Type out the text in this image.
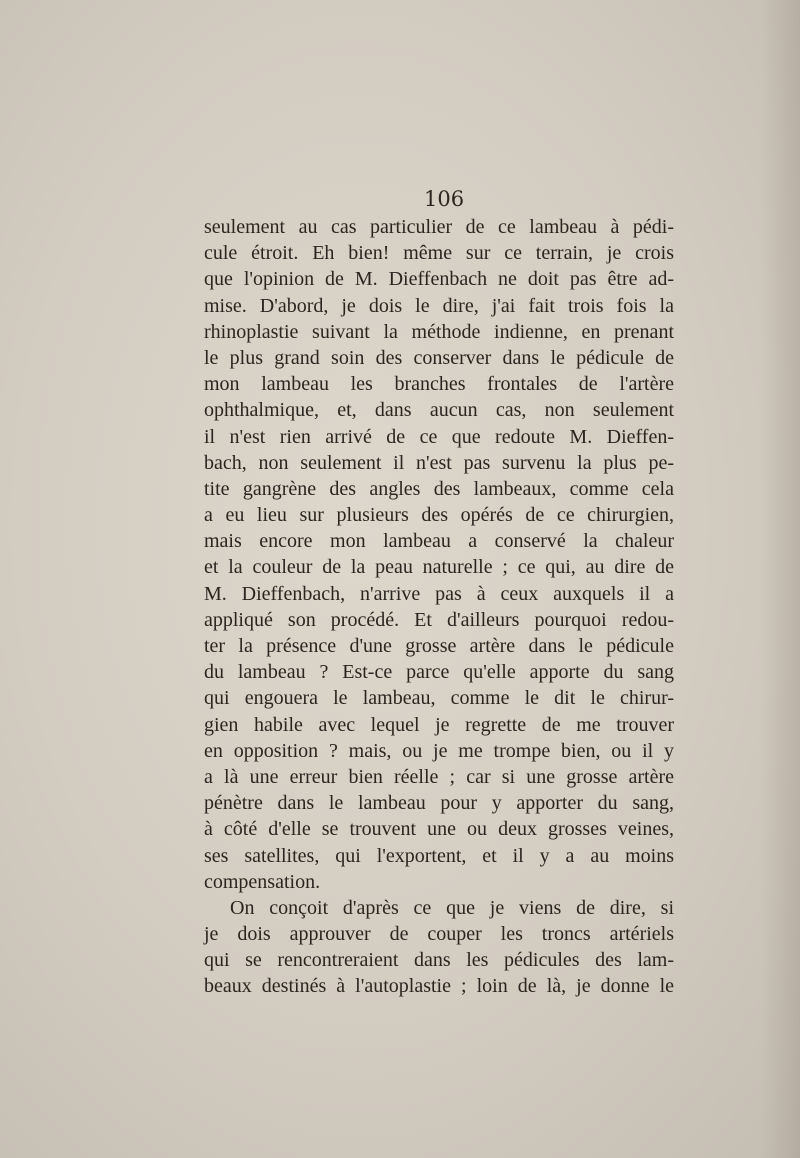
106
seulement au cas particulier de ce lambeau à pédi-
cule étroit. Eh bien! même sur ce terrain, je crois
que l'opinion de M. Dieffenbach ne doit pas être ad-
mise. D'abord, je dois le dire, j'ai fait trois fois la
rhinoplastie suivant la méthode indienne, en prenant
le plus grand soin des conserver dans le pédicule de
mon lambeau les branches frontales de l'artère
ophthalmique, et, dans aucun cas, non seulement
il n'est rien arrivé de ce que redoute M. Dieffen-
bach, non seulement il n'est pas survenu la plus pe-
tite gangrène des angles des lambeaux, comme cela
a eu lieu sur plusieurs des opérés de ce chirurgien,
mais encore mon lambeau a conservé la chaleur
et la couleur de la peau naturelle ; ce qui, au dire de
M. Dieffenbach, n'arrive pas à ceux auxquels il a
appliqué son procédé. Et d'ailleurs pourquoi redou-
ter la présence d'une grosse artère dans le pédicule
du lambeau ? Est-ce parce qu'elle apporte du sang
qui engouera le lambeau, comme le dit le chirur-
gien habile avec lequel je regrette de me trouver
en opposition ? mais, ou je me trompe bien, ou il y
a là une erreur bien réelle ; car si une grosse artère
pénètre dans le lambeau pour y apporter du sang,
à côté d'elle se trouvent une ou deux grosses veines,
ses satellites, qui l'exportent, et il y a au moins
compensation.
On conçoit d'après ce que je viens de dire, si
je dois approuver de couper les troncs artériels
qui se rencontreraient dans les pédicules des lam-
beaux destinés à l'autoplastie ; loin de là, je donne le
